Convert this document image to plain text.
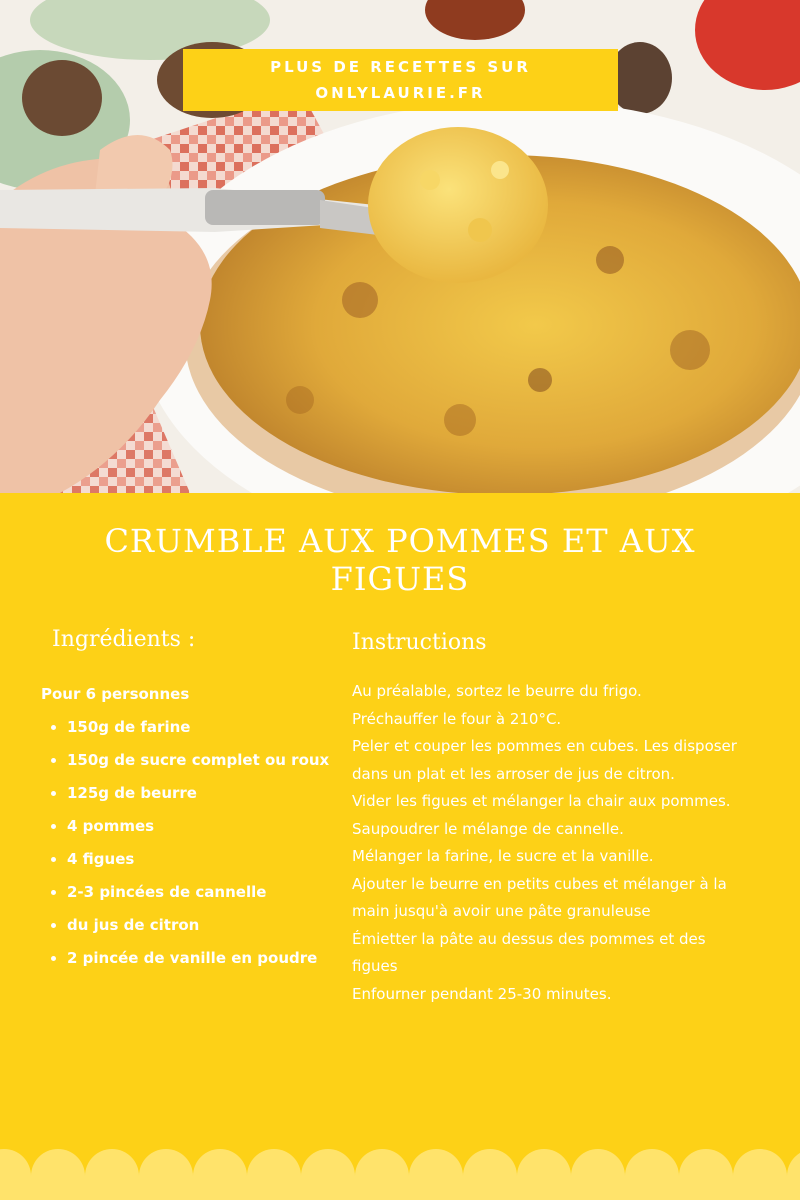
PLUS DE RECETTES SUR
ONLYLAURIE.FR
CRUMBLE AUX POMMES ET AUX FIGUES
Ingrédients :
Pour 6 personnes
• 150g de farine
• 150g de sucre complet ou roux
• 125g de beurre
• 4 pommes
• 4 figues
• 2-3 pincées de cannelle
• du jus de citron
• 2 pincée de vanille en poudre
Instructions
Au préalable, sortez le beurre du frigo.
Préchauffer le four à 210°C.
Peler et couper les pommes en cubes. Les disposer dans un plat et les arroser de jus de citron.
Vider les figues et mélanger la chair aux pommes.
Saupoudrer le mélange de cannelle.
Mélanger la farine, le sucre et la vanille.
Ajouter le beurre en petits cubes et mélanger à la main jusqu'à avoir une pâte granuleuse
Émietter la pâte au dessus des pommes et des figues
Enfourner pendant 25-30 minutes.
